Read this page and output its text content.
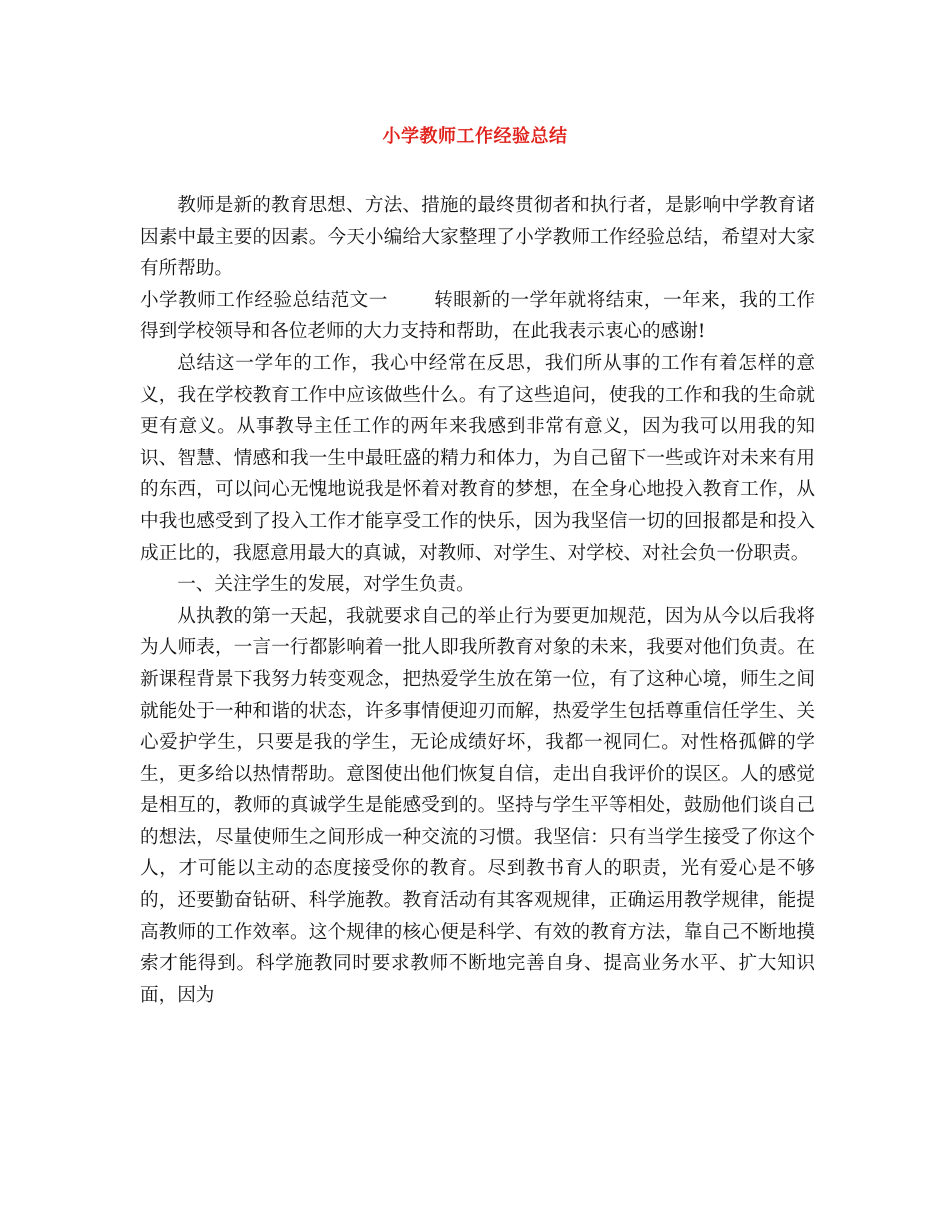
小学教师工作经验总结

教师是新的教育思想、方法、措施的最终贯彻者和执行者，是影响中学教育诸因素中最主要的因素。今天小编给大家整理了小学教师工作经验总结，希望对大家有所帮助。

小学教师工作经验总结范文一 转眼新的一学年就将结束，一年来，我的工作得到学校领导和各位老师的大力支持和帮助，在此我表示衷心的感谢!

总结这一学年的工作，我心中经常在反思，我们所从事的工作有着怎样的意义，我在学校教育工作中应该做些什么。有了这些追问，使我的工作和我的生命就更有意义。从事教导主任工作的两年来我感到非常有意义，因为我可以用我的知识、智慧、情感和我一生中最旺盛的精力和体力，为自己留下一些或许对未来有用的东西，可以问心无愧地说我是怀着对教育的梦想，在全身心地投入教育工作，从中我也感受到了投入工作才能享受工作的快乐，因为我坚信一切的回报都是和投入成正比的，我愿意用最大的真诚，对教师、对学生、对学校、对社会负一份职责。

一、关注学生的发展，对学生负责。

从执教的第一天起，我就要求自己的举止行为要更加规范，因为从今以后我将为人师表，一言一行都影响着一批人即我所教育对象的未来，我要对他们负责。在新课程背景下我努力转变观念，把热爱学生放在第一位，有了这种心境，师生之间就能处于一种和谐的状态，许多事情便迎刃而解，热爱学生包括尊重信任学生、关心爱护学生，只要是我的学生，无论成绩好坏，我都一视同仁。对性格孤僻的学生，更多给以热情帮助。意图使出他们恢复自信，走出自我评价的误区。人的感觉是相互的，教师的真诚学生是能感受到的。坚持与学生平等相处，鼓励他们谈自己的想法，尽量使师生之间形成一种交流的习惯。我坚信：只有当学生接受了你这个人，才可能以主动的态度接受你的教育。尽到教书育人的职责，光有爱心是不够的，还要勤奋钻研、科学施教。教育活动有其客观规律，正确运用教学规律，能提高教师的工作效率。这个规律的核心便是科学、有效的教育方法，靠自己不断地摸索才能得到。科学施教同时要求教师不断地完善自身、提高业务水平、扩大知识面，因为
